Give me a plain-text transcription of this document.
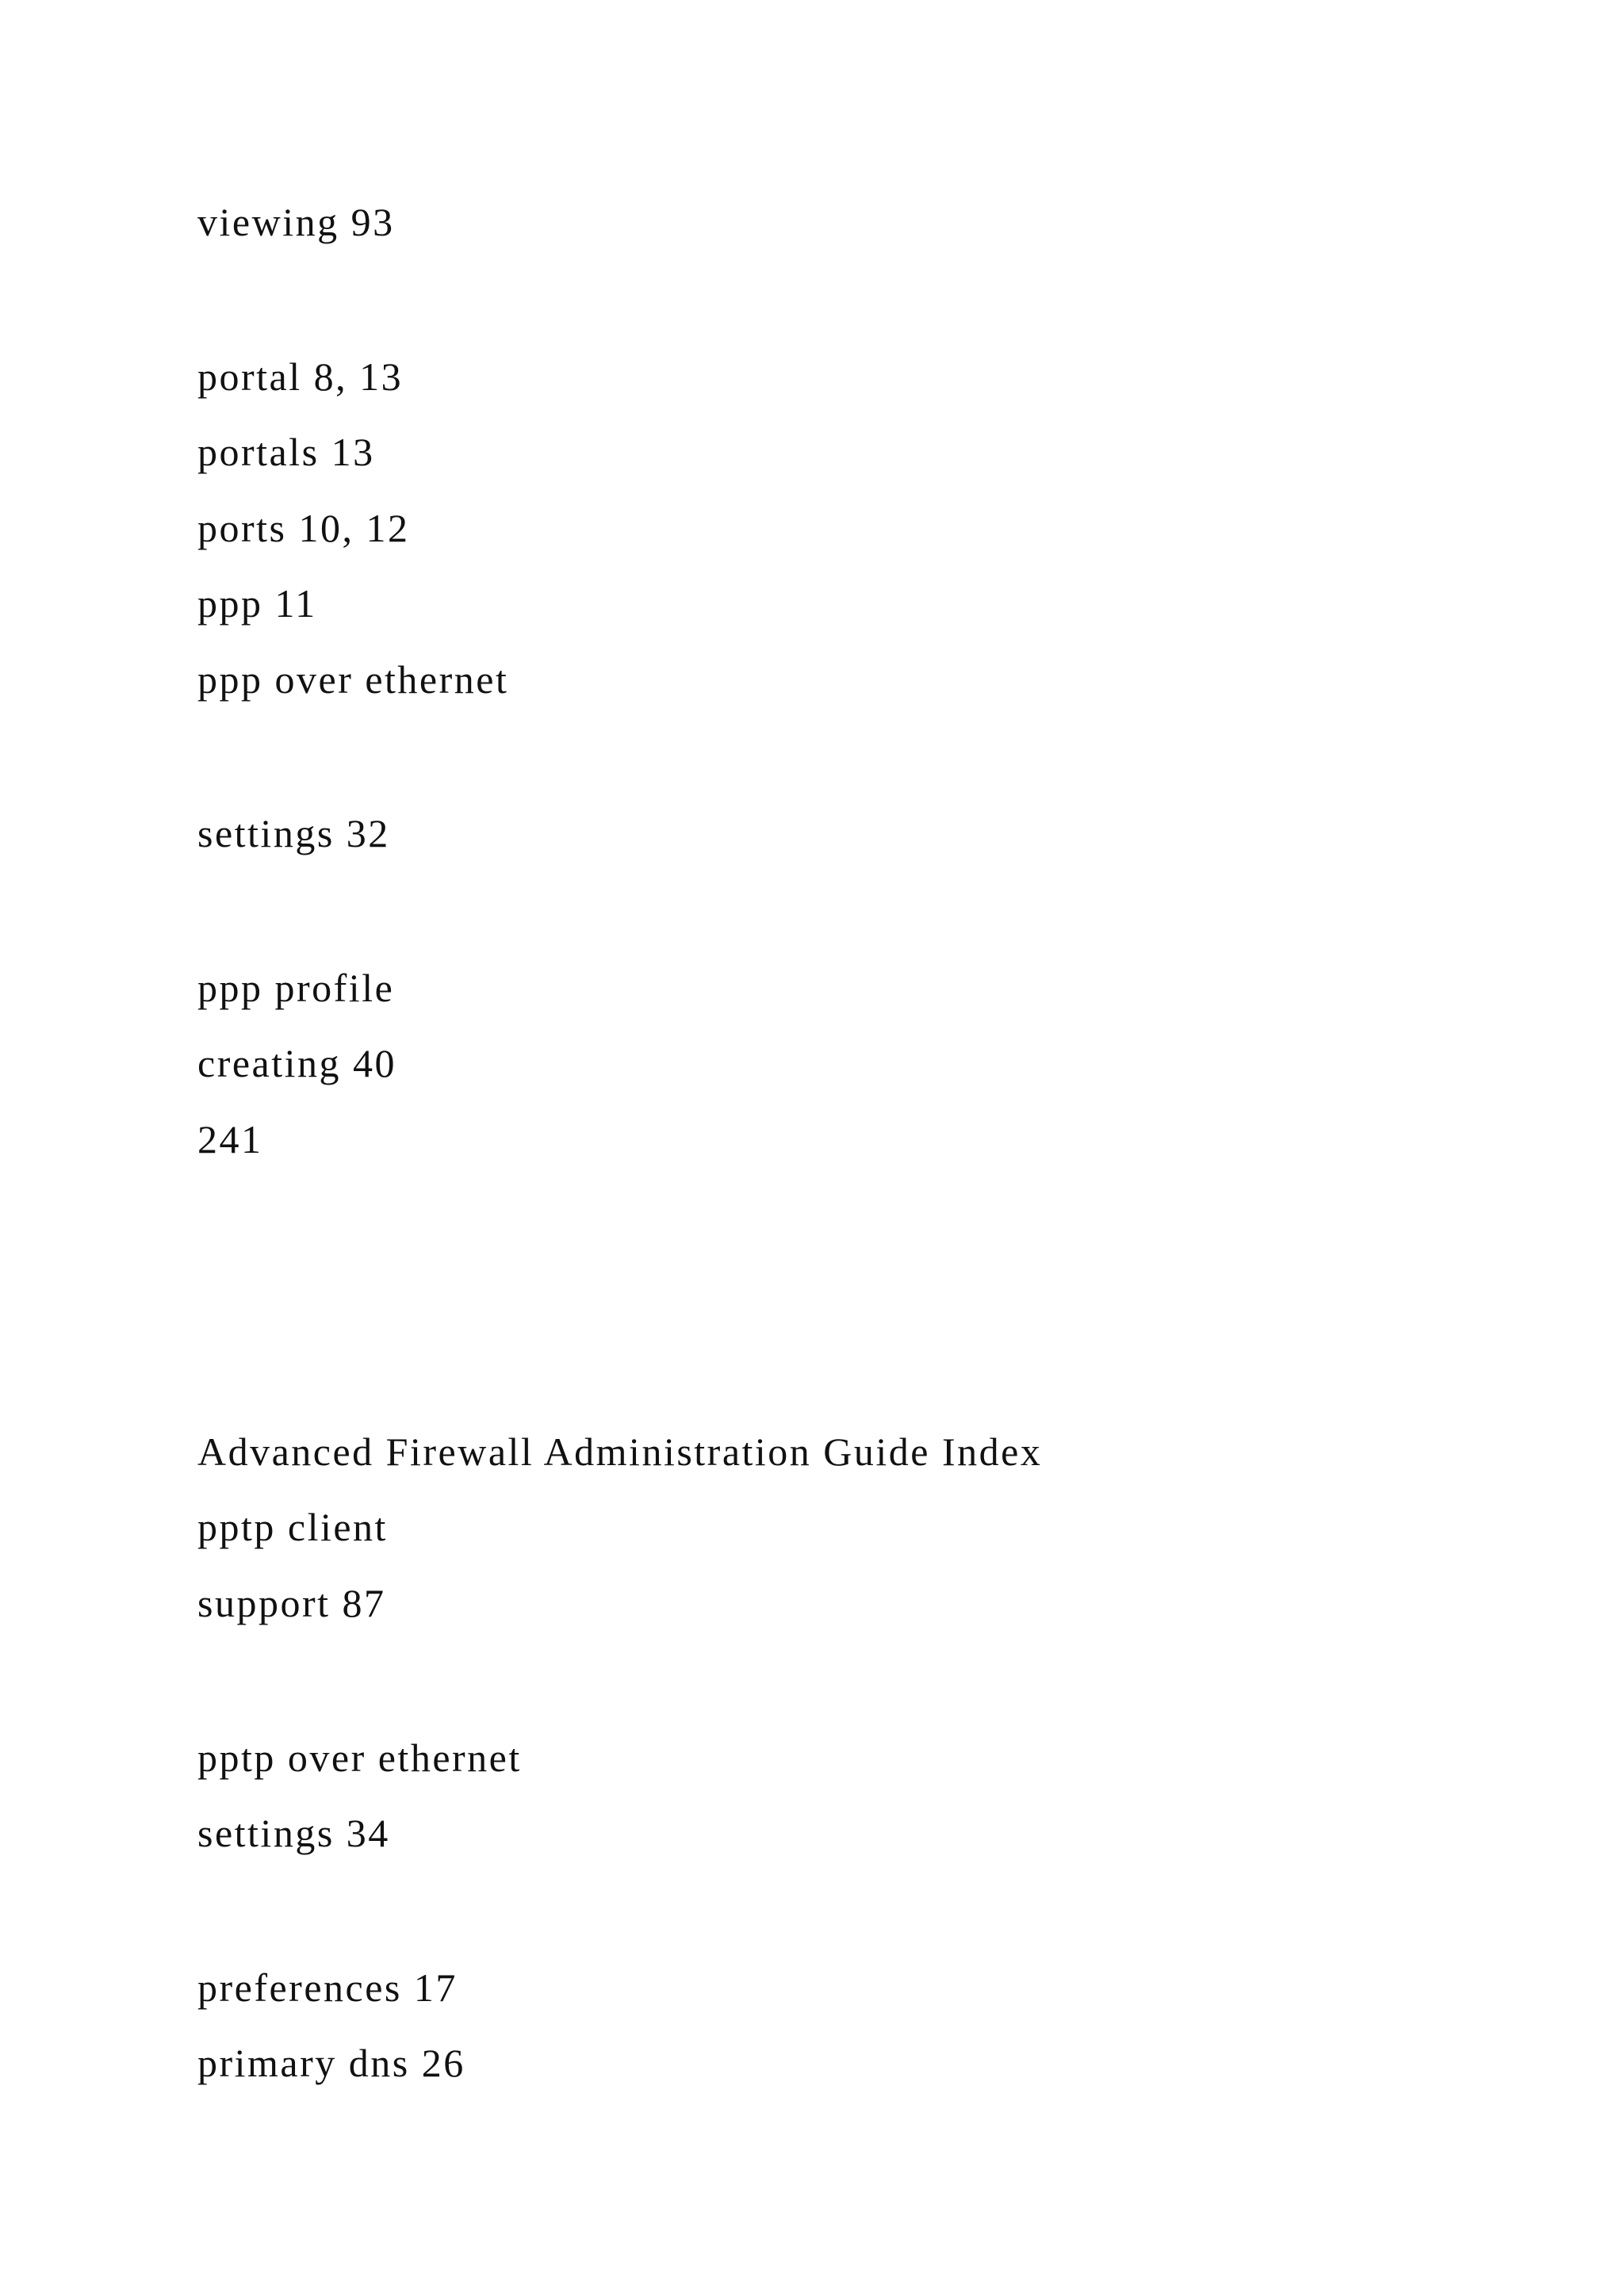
viewing 93
portal 8, 13
portals 13
ports 10, 12
ppp 11
ppp over ethernet
settings 32
ppp profile
creating 40
241
Advanced Firewall Administration Guide Index
pptp client
support 87
pptp over ethernet
settings 34
preferences 17
primary dns 26
